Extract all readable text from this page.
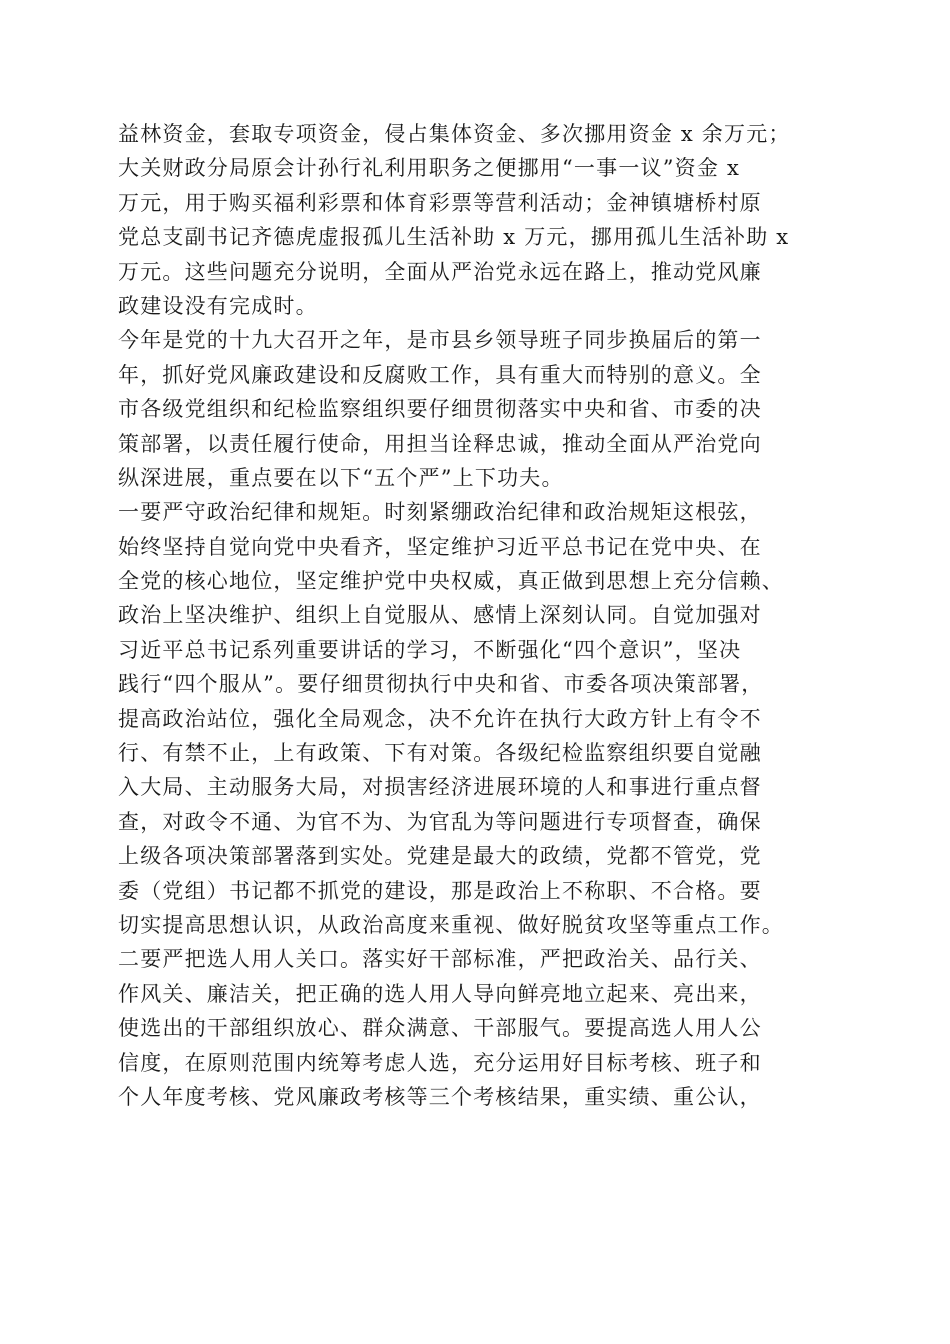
益林资金，套取专项资金，侵占集体资金、多次挪用资金 x 余万元；
大关财政分局原会计孙行礼利用职务之便挪用“一事一议”资金 x
万元，用于购买福利彩票和体育彩票等营利活动；金神镇塘桥村原
党总支副书记齐德虎虚报孤儿生活补助 x 万元，挪用孤儿生活补助 x
万元。这些问题充分说明，全面从严治党永远在路上，推动党风廉
政建设没有完成时。
今年是党的十九大召开之年，是市县乡领导班子同步换届后的第一
年，抓好党风廉政建设和反腐败工作，具有重大而特别的意义。全
市各级党组织和纪检监察组织要仔细贯彻落实中央和省、市委的决
策部署，以责任履行使命，用担当诠释忠诚，推动全面从严治党向
纵深进展，重点要在以下“五个严”上下功夫。
一要严守政治纪律和规矩。时刻紧绷政治纪律和政治规矩这根弦，
始终坚持自觉向党中央看齐，坚定维护习近平总书记在党中央、在
全党的核心地位，坚定维护党中央权威，真正做到思想上充分信赖、
政治上坚决维护、组织上自觉服从、感情上深刻认同。自觉加强对
习近平总书记系列重要讲话的学习，不断强化“四个意识”，坚决
践行“四个服从”。要仔细贯彻执行中央和省、市委各项决策部署，
提高政治站位，强化全局观念，决不允许在执行大政方针上有令不
行、有禁不止，上有政策、下有对策。各级纪检监察组织要自觉融
入大局、主动服务大局，对损害经济进展环境的人和事进行重点督
查，对政令不通、为官不为、为官乱为等问题进行专项督查，确保
上级各项决策部署落到实处。党建是最大的政绩，党都不管党，党
委（党组）书记都不抓党的建设，那是政治上不称职、不合格。要
切实提高思想认识，从政治高度来重视、做好脱贫攻坚等重点工作。
二要严把选人用人关口。落实好干部标准，严把政治关、品行关、
作风关、廉洁关，把正确的选人用人导向鲜亮地立起来、亮出来，
使选出的干部组织放心、群众满意、干部服气。要提高选人用人公
信度，在原则范围内统筹考虑人选，充分运用好目标考核、班子和
个人年度考核、党风廉政考核等三个考核结果，重实绩、重公认，
